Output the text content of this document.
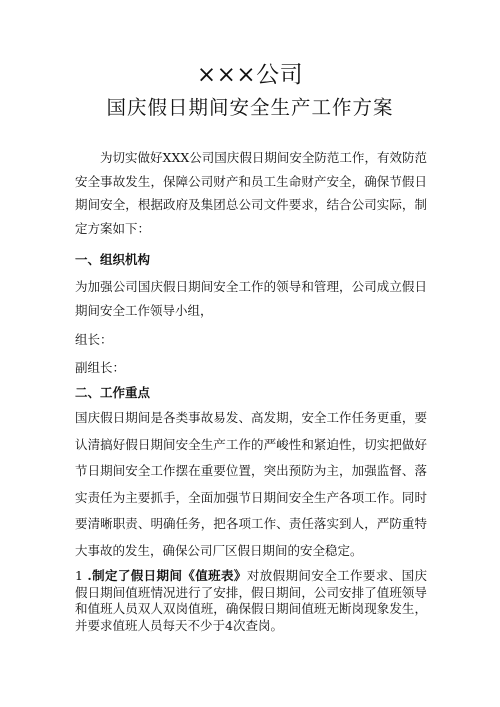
×××公司
国庆假日期间安全生产工作方案
为切实做好XXX公司国庆假日期间安全防范工作，有效防范安全事故发生，保障公司财产和员工生命财产安全，确保节假日期间安全，根据政府及集团总公司文件要求，结合公司实际，制定方案如下：
一、组织机构
为加强公司国庆假日期间安全工作的领导和管理，公司成立假日期间安全工作领导小组，
组长：
副组长：
二、工作重点
国庆假日期间是各类事故易发、高发期，安全工作任务更重，要认清搞好假日期间安全生产工作的严峻性和紧迫性，切实把做好节日期间安全工作摆在重要位置，突出预防为主，加强监督、落实责任为主要抓手，全面加强节日期间安全生产各项工作。同时要清晰职责、明确任务，把各项工作、责任落实到人，严防重特大事故的发生，确保公司厂区假日期间的安全稳定。
1 .制定了假日期间《值班表》对放假期间安全工作要求、国庆假日期间值班情况进行了安排，假日期间，公司安排了值班领导和值班人员双人双岗值班，确保假日期间值班无断岗现象发生，并要求值班人员每天不少于4次查岗。
